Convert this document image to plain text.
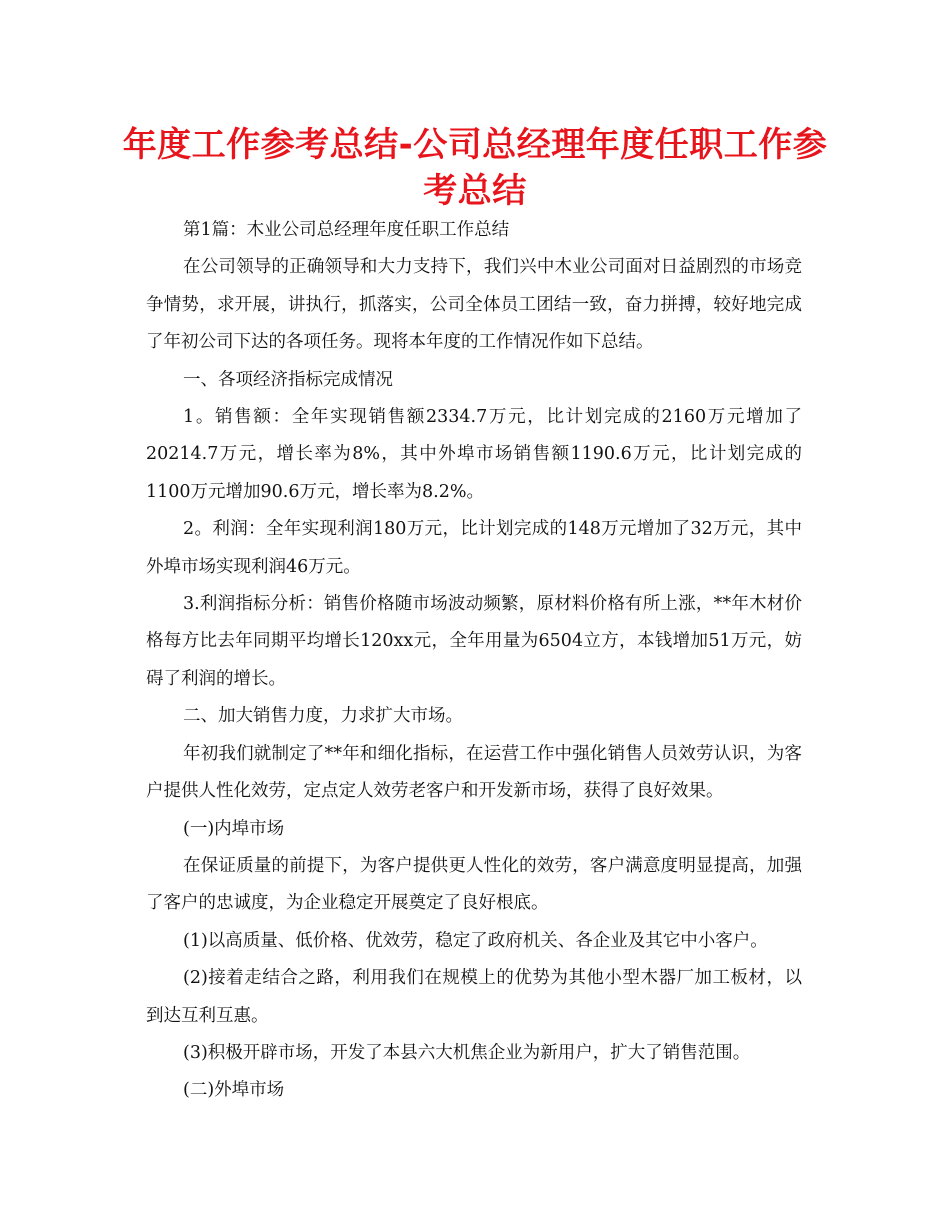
年度工作参考总结-公司总经理年度任职工作参考总结

第1篇：木业公司总经理年度任职工作总结

在公司领导的正确领导和大力支持下，我们兴中木业公司面对日益剧烈的市场竞争情势，求开展，讲执行，抓落实，公司全体员工团结一致，奋力拼搏，较好地完成了年初公司下达的各项任务。现将本年度的工作情况作如下总结。

一、各项经济指标完成情况

1。销售额：全年实现销售额2334.7万元，比计划完成的2160万元增加了20214.7万元，增长率为8%，其中外埠市场销售额1190.6万元，比计划完成的1100万元增加90.6万元，增长率为8.2%。

2。利润：全年实现利润180万元，比计划完成的148万元增加了32万元，其中外埠市场实现利润46万元。

3.利润指标分析：销售价格随市场波动频繁，原材料价格有所上涨，**年木材价格每方比去年同期平均增长120xx元，全年用量为6504立方，本钱增加51万元，妨碍了利润的增长。

二、加大销售力度，力求扩大市场。

年初我们就制定了**年和细化指标，在运营工作中强化销售人员效劳认识，为客户提供人性化效劳，定点定人效劳老客户和开发新市场，获得了良好效果。

(一)内埠市场

在保证质量的前提下，为客户提供更人性化的效劳，客户满意度明显提高，加强了客户的忠诚度，为企业稳定开展奠定了良好根底。

(1)以高质量、低价格、优效劳，稳定了政府机关、各企业及其它中小客户。

(2)接着走结合之路，利用我们在规模上的优势为其他小型木器厂加工板材，以到达互利互惠。

(3)积极开辟市场，开发了本县六大机焦企业为新用户，扩大了销售范围。

(二)外埠市场
